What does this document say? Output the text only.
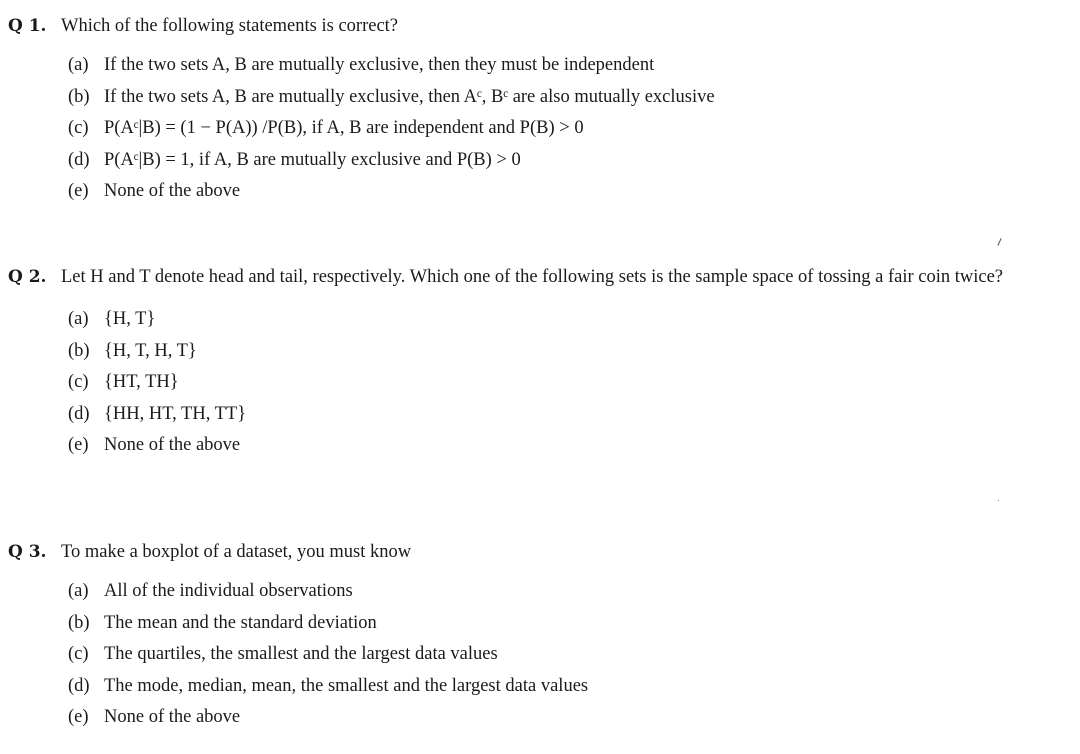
Q 1. Which of the following statements is correct?
(a) If the two sets A, B are mutually exclusive, then they must be independent
(b) If the two sets A, B are mutually exclusive, then Aᶜ, Bᶜ are also mutually exclusive
(c) P(Aᶜ|B) = (1 − P(A)) /P(B), if A, B are independent and P(B) > 0
(d) P(Aᶜ|B) = 1, if A, B are mutually exclusive and P(B) > 0
(e) None of the above
Q 2. Let H and T denote head and tail, respectively. Which one of the following sets is the sample space of tossing a fair coin twice?
(a) {H, T}
(b) {H, T, H, T}
(c) {HT, TH}
(d) {HH, HT, TH, TT}
(e) None of the above
Q 3. To make a boxplot of a dataset, you must know
(a) All of the individual observations
(b) The mean and the standard deviation
(c) The quartiles, the smallest and the largest data values
(d) The mode, median, mean, the smallest and the largest data values
(e) None of the above
